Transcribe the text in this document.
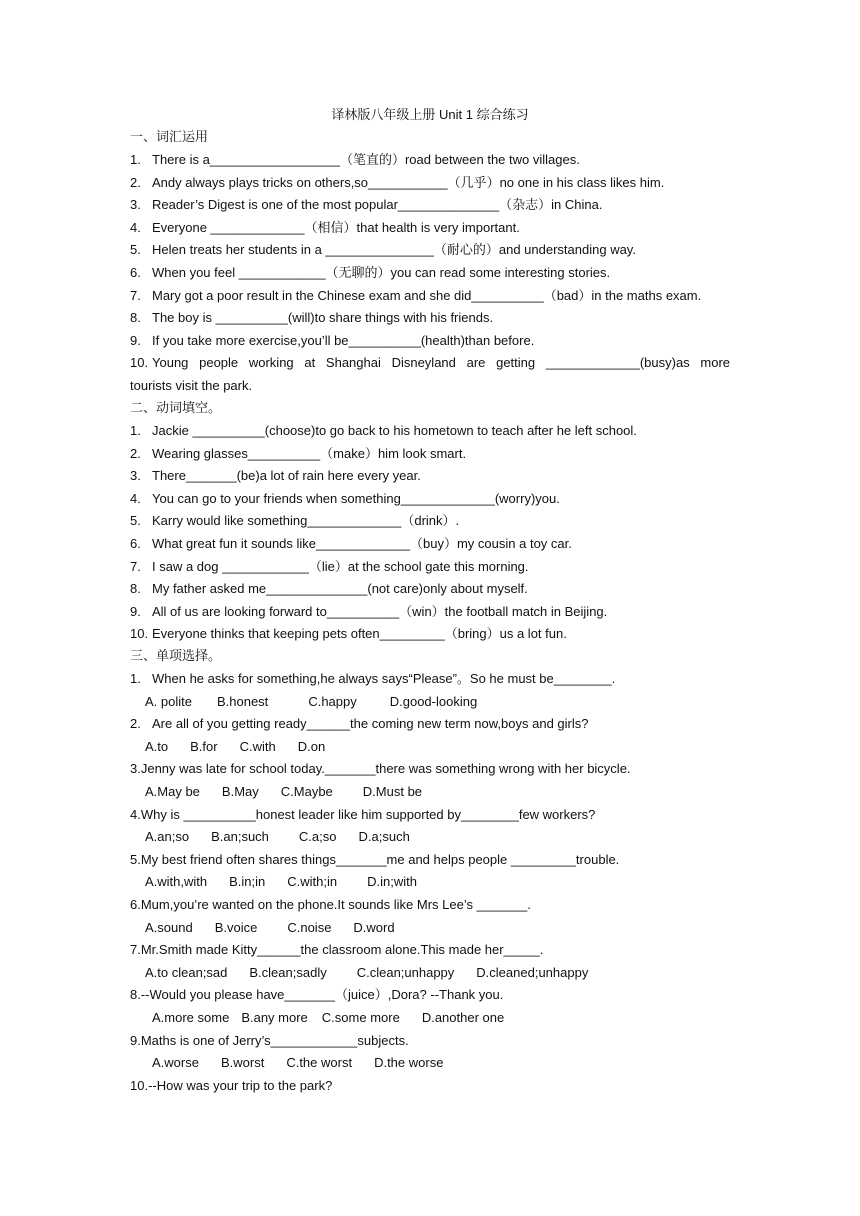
译林版八年级上册 Unit 1 综合练习
一、词汇运用
1. There is a__________________（笔直的）road between the two villages.
2. Andy always plays tricks on others,so___________（几乎）no one in his class likes him.
3. Reader’s Digest is one of the most popular______________（杂志）in China.
4. Everyone _____________（相信）that health is very important.
5. Helen treats her students in a _______________（耐心的）and understanding way.
6. When you feel ____________（无聊的）you can read some interesting stories.
7. Mary got a poor result in the Chinese exam and she did__________（bad）in the maths exam.
8. The boy is __________(will)to share things with his friends.
9. If you take more exercise,you’ll be__________(health)than before.
10. Young people working at Shanghai Disneyland are getting _____________(busy)as more
tourists visit the park.
二、动词填空。
1. Jackie __________(choose)to go back to his hometown to teach after he left school.
2. Wearing glasses__________（make）him look smart.
3. There_______(be)a lot of rain here every year.
4. You can go to your friends when something_____________(worry)you.
5. Karry would like something_____________（drink）.
6. What great fun it sounds like_____________（buy）my cousin a toy car.
7. I saw a dog ____________（lie）at the school gate this morning.
8. My father asked me______________(not care)only about myself.
9. All of us are looking forward to__________（win）the football match in Beijing.
10. Everyone thinks that keeping pets often_________（bring）us a lot fun.
三、单项选择。
1. When he asks for something,he always says“Please”。So he must be________.
A. polite B.honest	C.happy	D.good-looking
2. Are all of you getting ready______the coming new term now,boys and girls?
A.to B.for C.with D.on
3.Jenny was late for school today._______there was something wrong with her bicycle.
A.May be B.May C.Maybe D.Must be
4.Why is __________honest leader like him supported by________few workers?
A.an;so B.an;such C.a;so D.a;such
5.My best friend often shares things_______me and helps people _________trouble.
A.with,with B.in;in C.with;in D.in;with
6.Mum,you’re wanted on the phone.It sounds like Mrs Lee’s _______.
A.sound B.voice C.noise D.word
7.Mr.Smith made Kitty______the classroom alone.This made her_____.
A.to clean;sad B.clean;sadly C.clean;unhappy D.cleaned;unhappy
8.--Would you please have_______（juice）,Dora? --Thank you.
A.more some B.any more C.some more D.another one
9.Maths is one of Jerry’s____________subjects.
A.worse B.worst C.the worst D.the worse
10.--How was your trip to the park?
